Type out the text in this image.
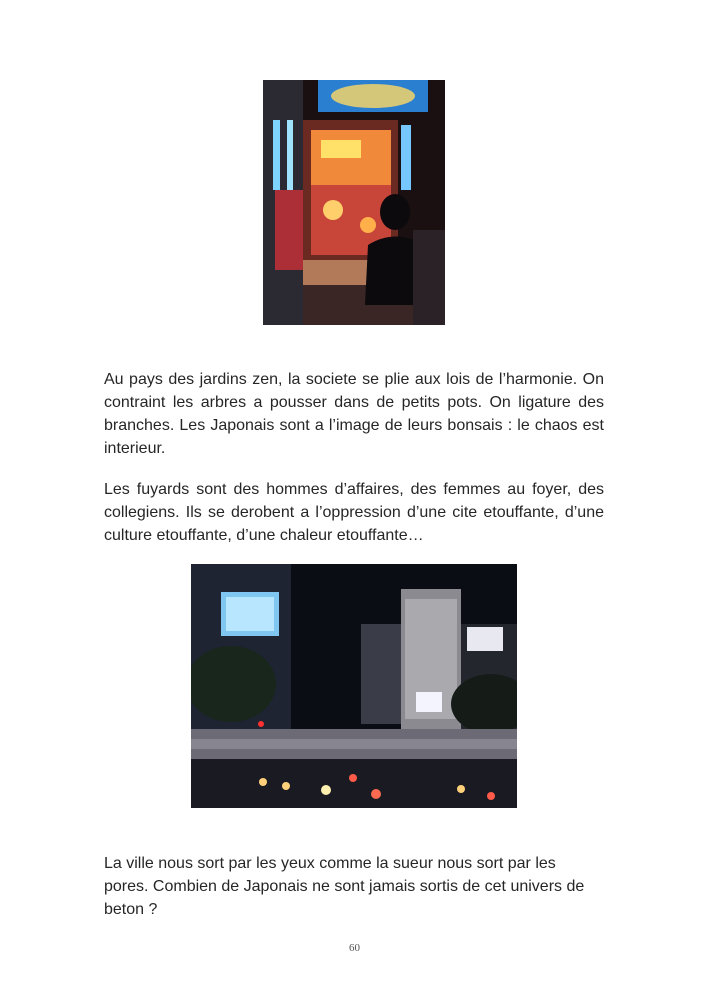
Au pays des jardins zen, la societe se plie aux lois de l’harmonie. On contraint les arbres a pousser dans de petits pots. On ligature des branches. Les Japonais sont a l’image de leurs bonsais : le chaos est interieur.

Les fuyards sont des hommes d’affaires, des femmes au foyer, des collegiens. Ils se derobent a l’oppression d’une cite etouffante, d’une culture etouffante, d’une chaleur etouffante…

La ville nous sort par les yeux comme la sueur nous sort par les pores. Combien de Japonais ne sont jamais sortis de cet univers de beton ?

60
